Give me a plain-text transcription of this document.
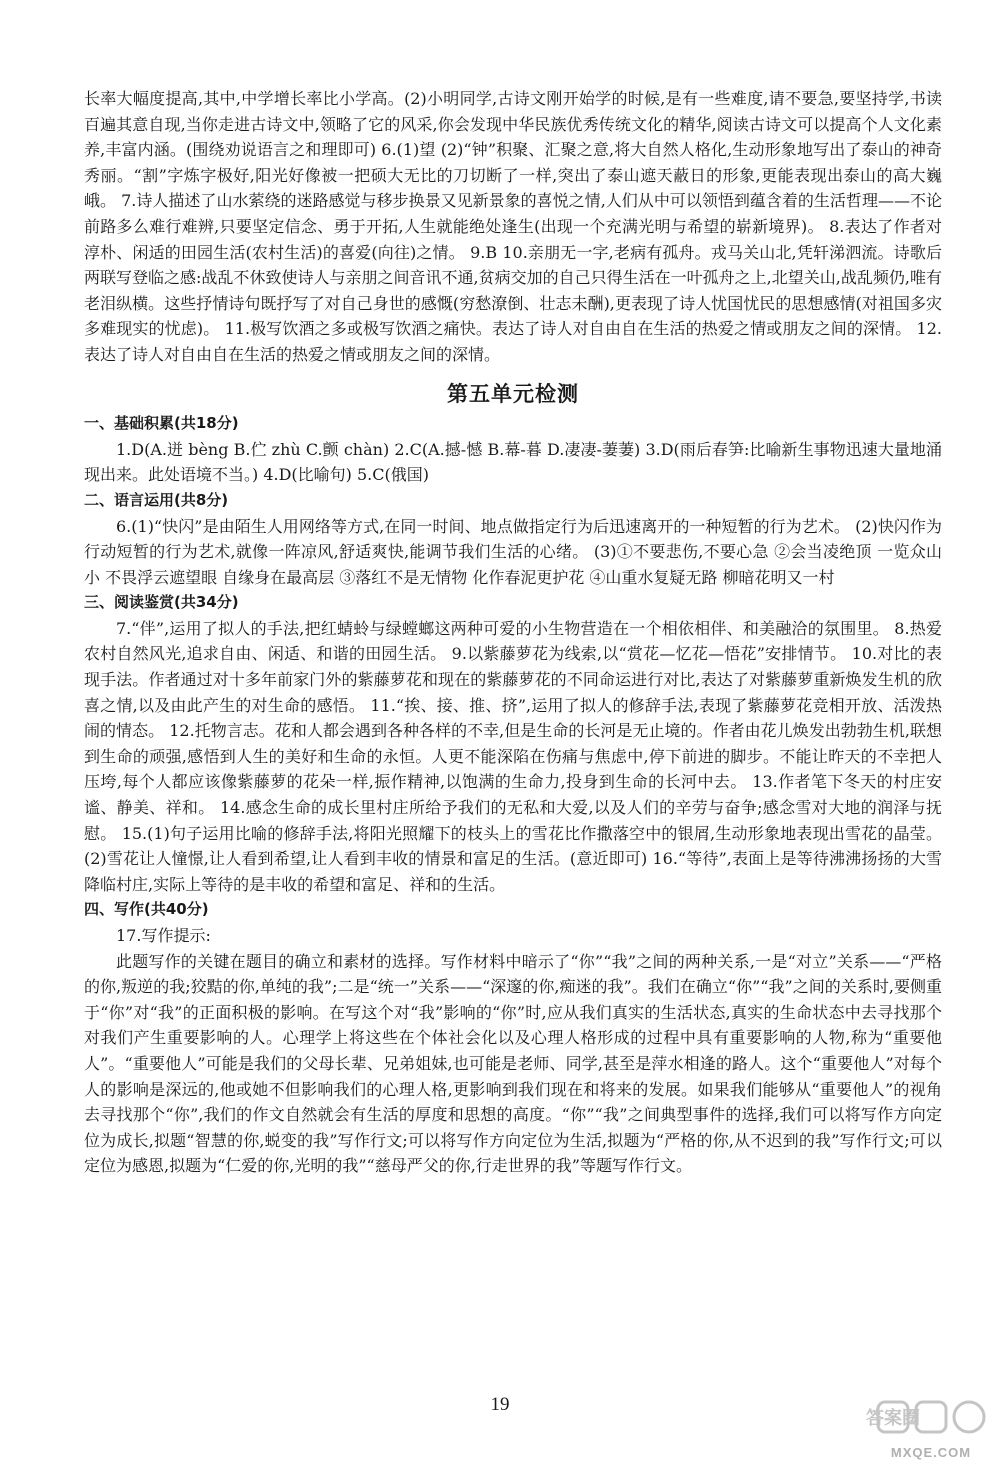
长率大幅度提高,其中,中学增长率比小学高。(2)小明同学,古诗文刚开始学的时候,是有一些难度,请不要急,要坚持学,书读百遍其意自现,当你走进古诗文中,领略了它的风采,你会发现中华民族优秀传统文化的精华,阅读古诗文可以提高个人文化素养,丰富内涵。(围绕劝说语言之和理即可) 6.(1)望 (2)“钟”积聚、汇聚之意,将大自然人格化,生动形象地写出了泰山的神奇秀丽。“割”字炼字极好,阳光好像被一把硕大无比的刀切断了一样,突出了泰山遮天蔽日的形象,更能表现出泰山的高大巍峨。 7.诗人描述了山水萦绕的迷路感觉与移步换景又见新景象的喜悦之情,人们从中可以领悟到蕴含着的生活哲理——不论前路多么难行难辨,只要坚定信念、勇于开拓,人生就能绝处逢生(出现一个充满光明与希望的崭新境界)。 8.表达了作者对淳朴、闲适的田园生活(农村生活)的喜爱(向往)之情。 9.B 10.亲朋无一字,老病有孤舟。戎马关山北,凭轩涕泗流。诗歌后两联写登临之感:战乱不休致使诗人与亲朋之间音讯不通,贫病交加的自己只得生活在一叶孤舟之上,北望关山,战乱频仍,唯有老泪纵横。这些抒情诗句既抒写了对自己身世的感慨(穷愁潦倒、壮志未酬),更表现了诗人忧国忧民的思想感情(对祖国多灾多难现实的忧虑)。 11.极写饮酒之多或极写饮酒之痛快。表达了诗人对自由自在生活的热爱之情或朋友之间的深情。 12.表达了诗人对自由自在生活的热爱之情或朋友之间的深情。

第五单元检测
一、基础积累(共18分)

1.D(A.迸 bèng B.伫 zhù C.颤 chàn) 2.C(A.撼-憾 B.幕-暮 D.凄凄-萋萋) 3.D(雨后春笋:比喻新生事物迅速大量地涌现出来。此处语境不当。) 4.D(比喻句) 5.C(俄国)

二、语言运用(共8分)

6.(1)“快闪”是由陌生人用网络等方式,在同一时间、地点做指定行为后迅速离开的一种短暂的行为艺术。 (2)快闪作为行动短暂的行为艺术,就像一阵凉风,舒适爽快,能调节我们生活的心绪。 (3)①不要悲伤,不要心急 ②会当凌绝顶 一览众山小 不畏浮云遮望眼 自缘身在最高层 ③落红不是无情物 化作春泥更护花 ④山重水复疑无路 柳暗花明又一村

三、阅读鉴赏(共34分)

7.“伴”,运用了拟人的手法,把红蜻蛉与绿螳螂这两种可爱的小生物营造在一个相依相伴、和美融洽的氛围里。 8.热爱农村自然风光,追求自由、闲适、和谐的田园生活。 9.以紫藤萝花为线索,以“赏花—忆花—悟花”安排情节。 10.对比的表现手法。作者通过对十多年前家门外的紫藤萝花和现在的紫藤萝花的不同命运进行对比,表达了对紫藤萝重新焕发生机的欣喜之情,以及由此产生的对生命的感悟。 11.“挨、接、推、挤”,运用了拟人的修辞手法,表现了紫藤萝花竞相开放、活泼热闹的情态。 12.托物言志。花和人都会遇到各种各样的不幸,但是生命的长河是无止境的。作者由花儿焕发出勃勃生机,联想到生命的顽强,感悟到人生的美好和生命的永恒。人更不能深陷在伤痛与焦虑中,停下前进的脚步。不能让昨天的不幸把人压垮,每个人都应该像紫藤萝的花朵一样,振作精神,以饱满的生命力,投身到生命的长河中去。 13.作者笔下冬天的村庄安谧、静美、祥和。 14.感念生命的成长里村庄所给予我们的无私和大爱,以及人们的辛劳与奋争;感念雪对大地的润泽与抚慰。 15.(1)句子运用比喻的修辞手法,将阳光照耀下的枝头上的雪花比作撒落空中的银屑,生动形象地表现出雪花的晶莹。 (2)雪花让人憧憬,让人看到希望,让人看到丰收的情景和富足的生活。(意近即可) 16.“等待”,表面上是等待沸沸扬扬的大雪降临村庄,实际上等待的是丰收的希望和富足、祥和的生活。

四、写作(共40分)

17.写作提示:

此题写作的关键在题目的确立和素材的选择。写作材料中暗示了“你”“我”之间的两种关系,一是“对立”关系——“严格的你,叛逆的我;狡黠的你,单纯的我”;二是“统一”关系——“深邃的你,痴迷的我”。我们在确立“你”“我”之间的关系时,要侧重于“你”对“我”的正面积极的影响。在写这个对“我”影响的“你”时,应从我们真实的生活状态,真实的生命状态中去寻找那个对我们产生重要影响的人。心理学上将这些在个体社会化以及心理人格形成的过程中具有重要影响的人物,称为“重要他人”。“重要他人”可能是我们的父母长辈、兄弟姐妹,也可能是老师、同学,甚至是萍水相逢的路人。这个“重要他人”对每个人的影响是深远的,他或她不但影响我们的心理人格,更影响到我们现在和将来的发展。如果我们能够从“重要他人”的视角去寻找那个“你”,我们的作文自然就会有生活的厚度和思想的高度。“你”“我”之间典型事件的选择,我们可以将写作方向定位为成长,拟题“智慧的你,蜕变的我”写作行文;可以将写作方向定位为生活,拟题为“严格的你,从不迟到的我”写作行文;可以定位为感恩,拟题为“仁爱的你,光明的我”“慈母严父的你,行走世界的我”等题写作行文。

19
答案圈
MXQE.COM
